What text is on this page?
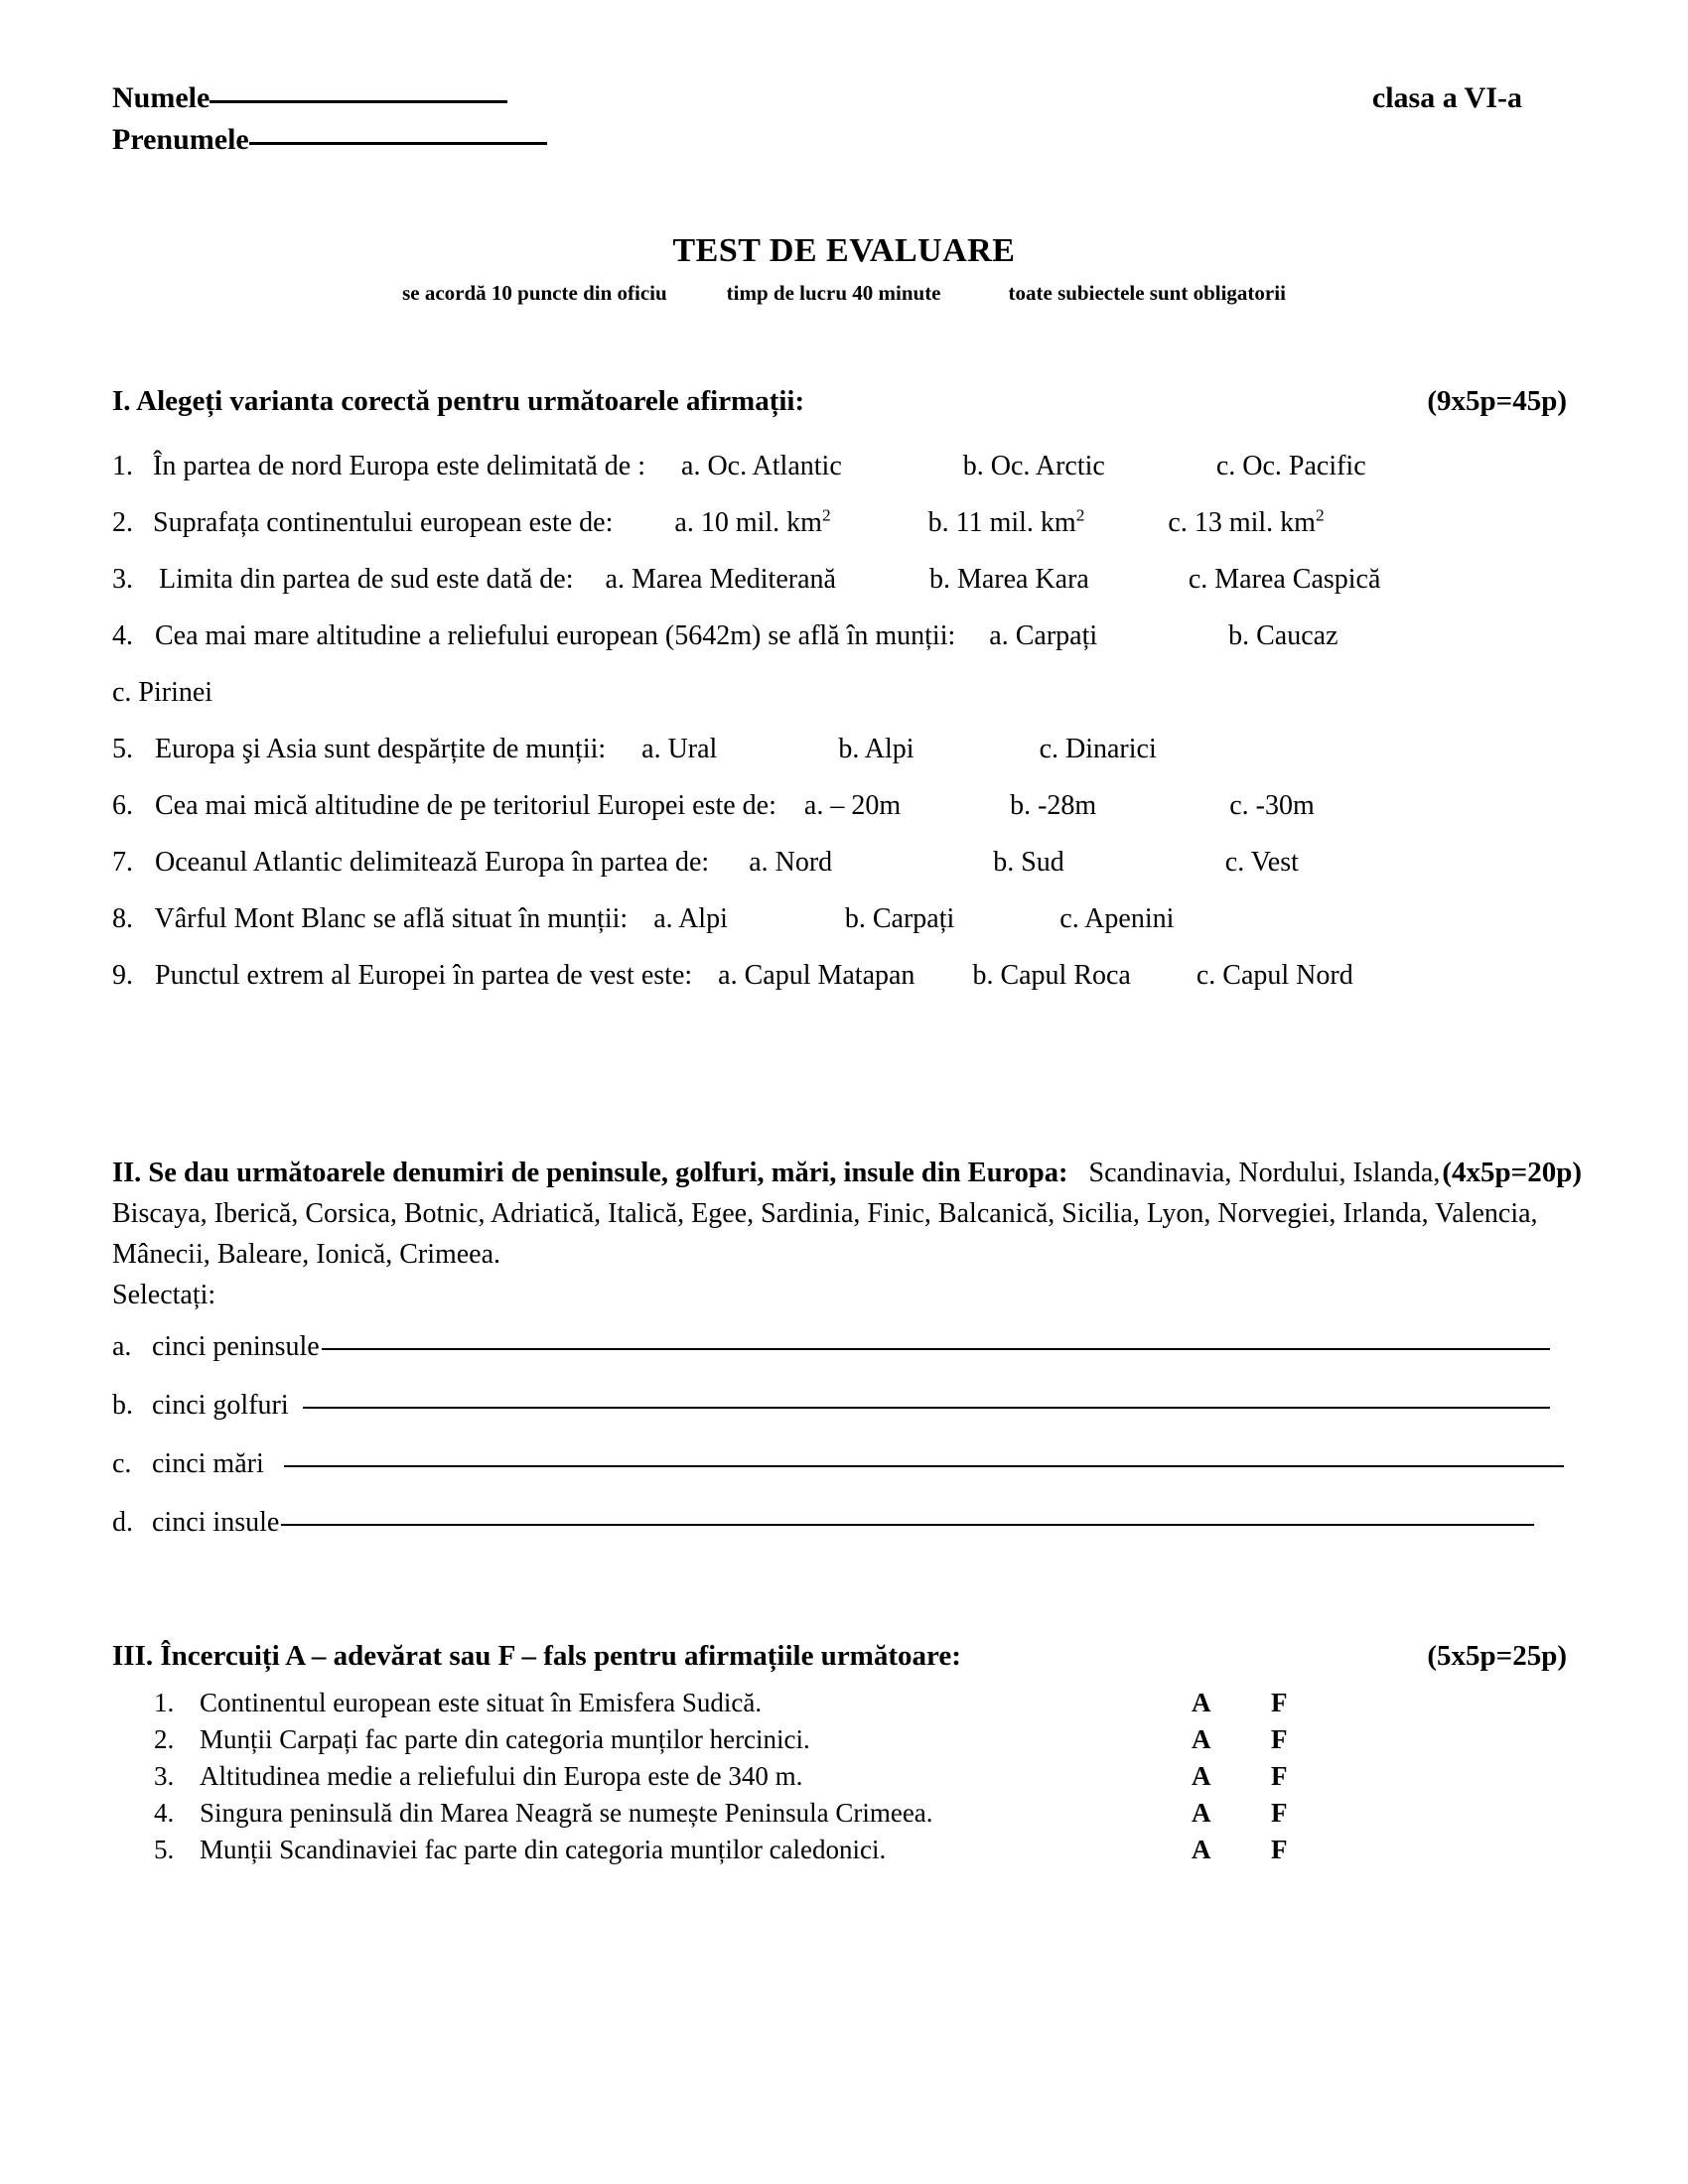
Numele
Prenumele
clasa a VI-a
TEST DE EVALUARE
se acordă 10 puncte din oficiu	timp de lucru 40 minute	toate subiectele sunt obligatorii
I. Alegeți varianta corectă pentru următoarele afirmații:	(9x5p=45p)
1. În partea de nord Europa este delimitată de : a. Oc. Atlantic	b. Oc. Arctic	c. Oc. Pacific
2. Suprafața continentului european este de: a. 10 mil. $km^2$	b. 11 mil. $km^2$	c. 13 mil. $km^2$
3. Limita din partea de sud este dată de: a. Marea Mediterană	b. Marea Kara	c. Marea Caspică
4. Cea mai mare altitudine a reliefului european (5642m) se află în munții: a. Carpați	b. Caucaz
c. Pirinei
5. Europa şi Asia sunt despărțite de munții: a. Ural	b. Alpi	c. Dinarici
6. Cea mai mică altitudine de pe teritoriul Europei este de: a. – 20m	b. -28m	c. -30m
7. Oceanul Atlantic delimitează Europa în partea de: a. Nord	b. Sud	c. Vest
8. Vârful Mont Blanc se află situat în munții: a. Alpi	b. Carpați	c. Apenini
9. Punctul extrem al Europei în partea de vest este: a. Capul Matapan b. Capul Roca c. Capul Nord
(4x5p=20p)
II. Se dau următoarele denumiri de peninsule, golfuri, mări, insule din Europa: Scandinavia, Nordului, Islanda, Biscaya, Iberică, Corsica, Botnic, Adriatică, Italică, Egee, Sardinia, Finic, Balcanică, Sicilia, Lyon, Norvegiei, Irlanda, Valencia, Mânecii, Baleare, Ionică, Crimeea.
Selectați:
a. cinci peninsule
b. cinci golfuri
c. cinci mări
d. cinci insule
III. Încercuiți A – adevărat sau F – fals pentru afirmațiile următoare:	(5x5p=25p)
1. Continentul european este situat în Emisfera Sudică.	A F
2. Munții Carpați fac parte din categoria munților hercinici.	A F
3. Altitudinea medie a reliefului din Europa este de 340 m.	A F
4. Singura peninsulă din Marea Neagră se numește Peninsula Crimeea.	A F
5. Munții Scandinaviei fac parte din categoria munților caledonici.	A F
